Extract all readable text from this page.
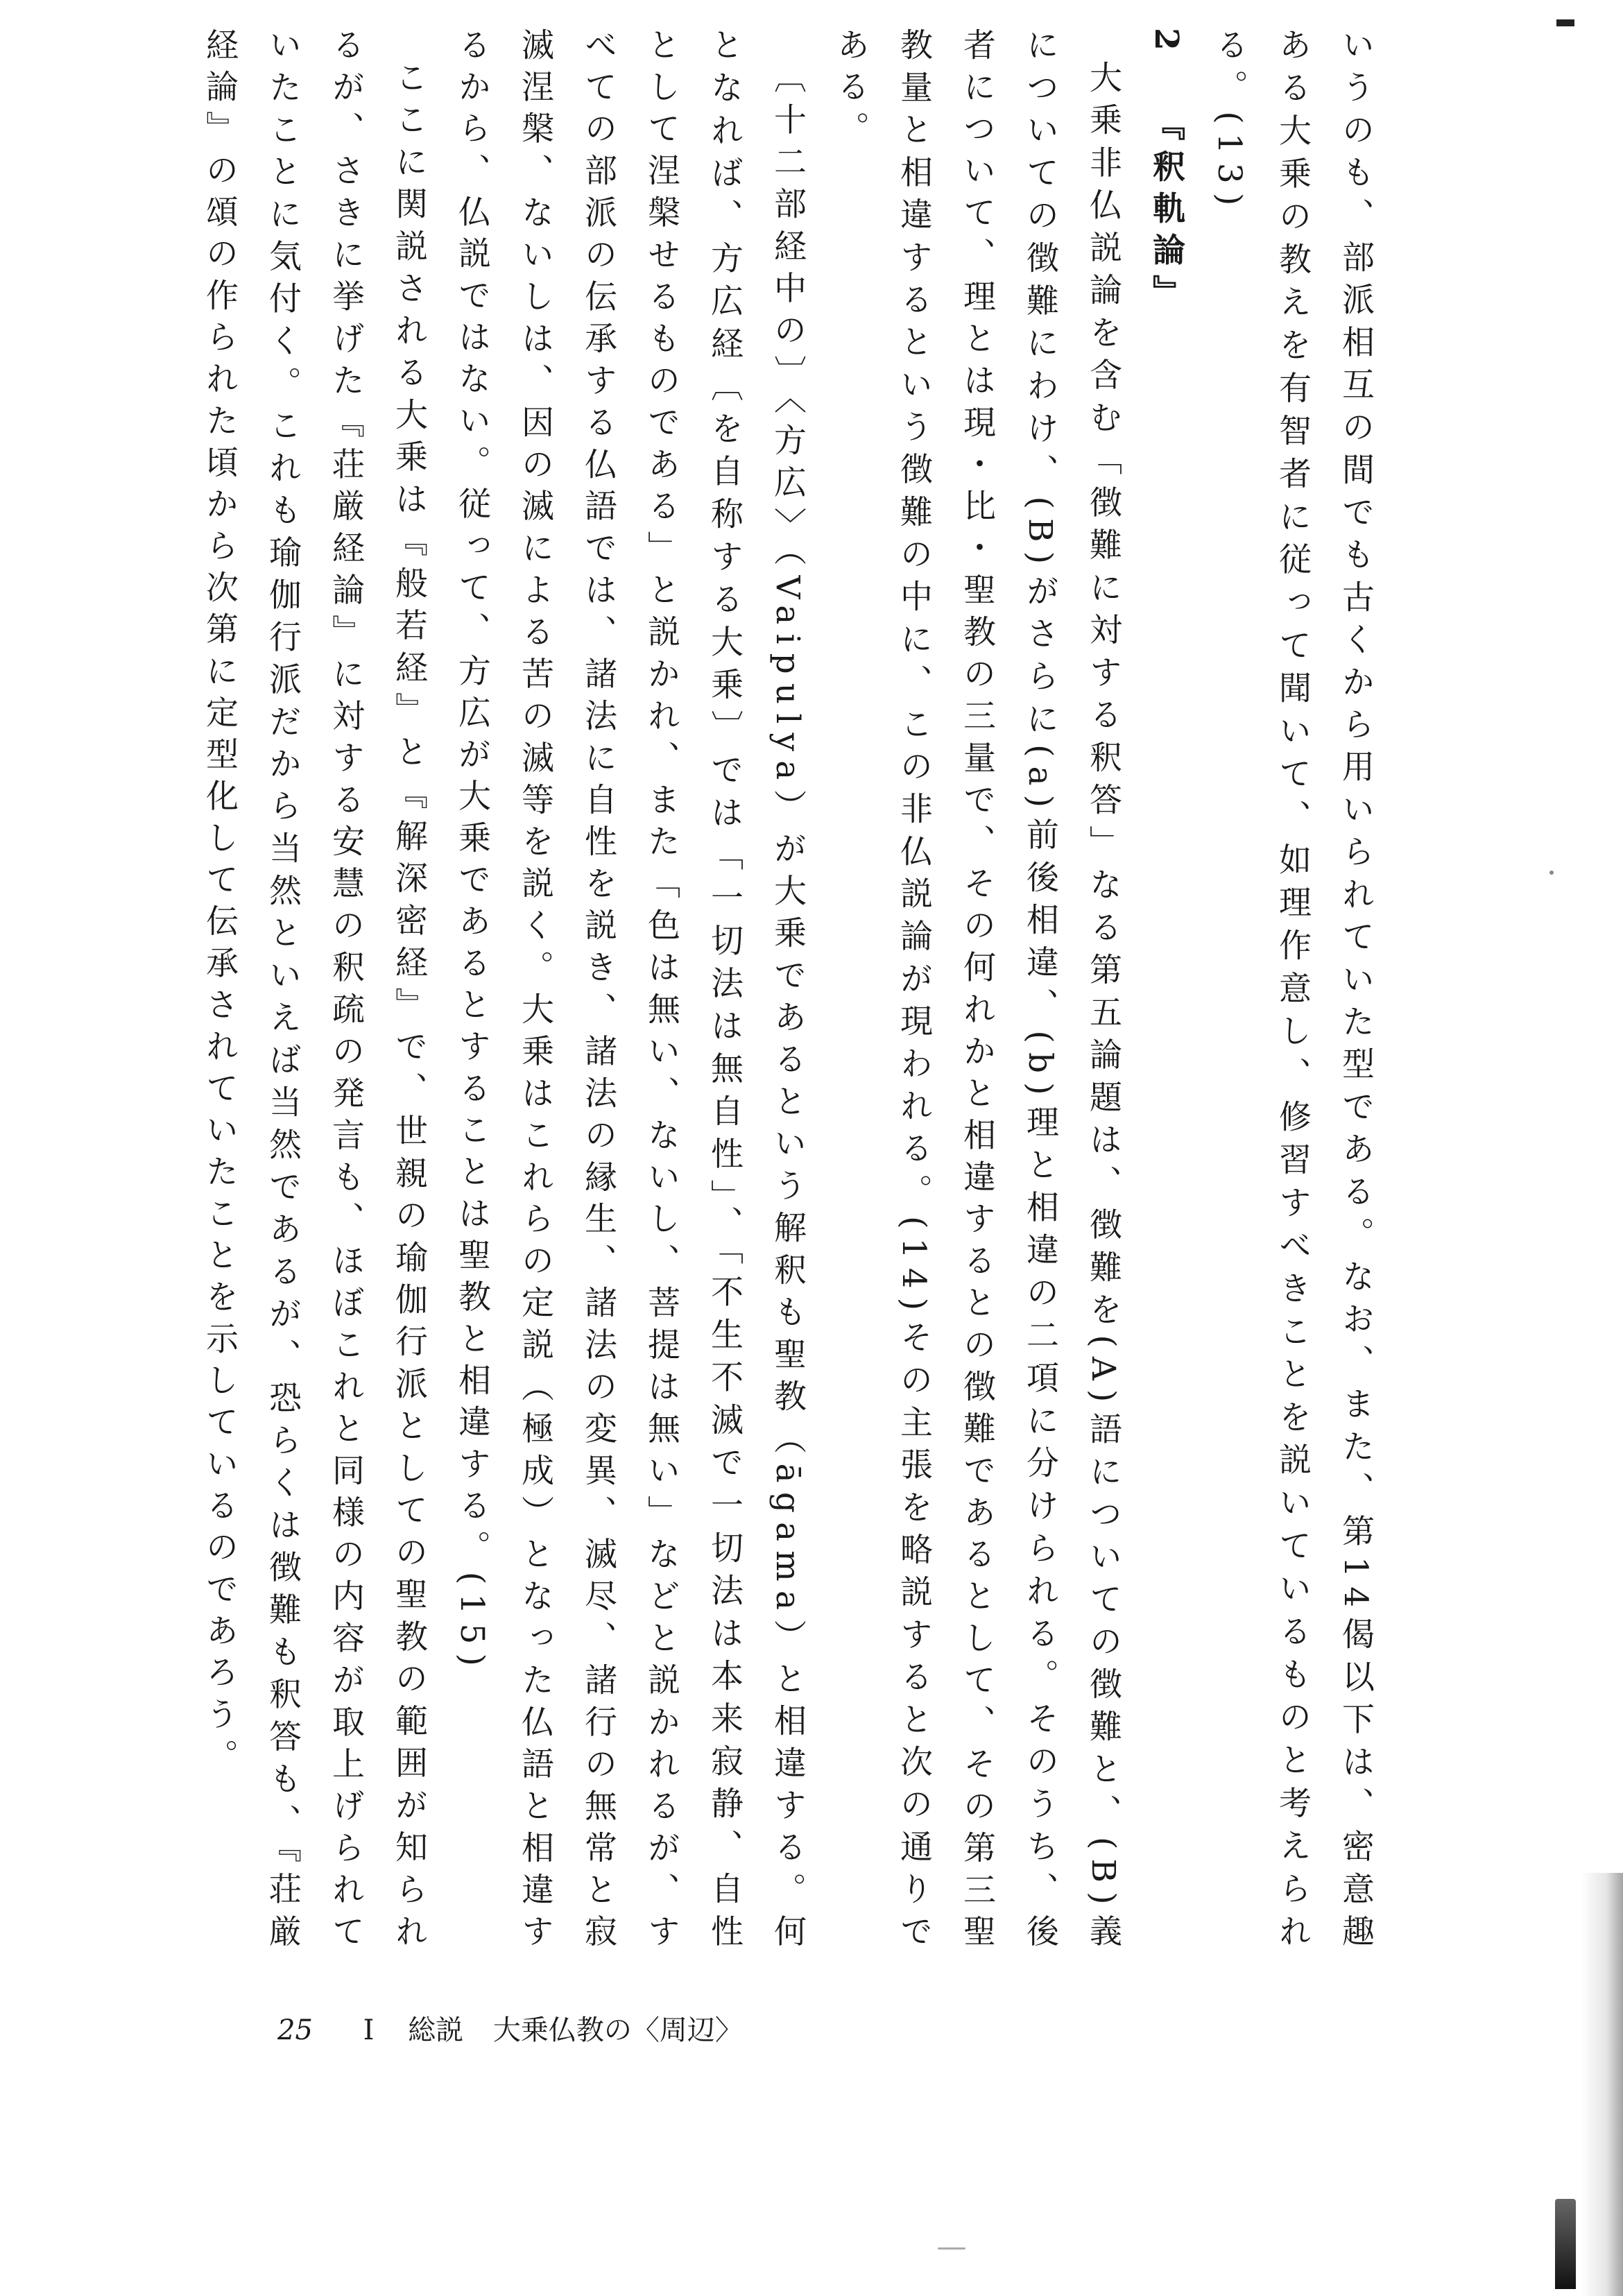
いうのも、部派相互の間でも古くから用いられていた型である。なお、また、第14偈以下は、密意趣ある大乗の教えを有智者に従って聞いて、如理作意し、修習すべきことを説いているものと考えられる。(13)

2 『釈軌論』

大乗非仏説論を含む「徴難に対する釈答」なる第五論題は、徴難を(A)語についての徴難と、(B)義についての徴難にわけ、(B)がさらに(a)前後相違、(b)理と相違の二項に分けられる。そのうち、後者について、理とは現・比・聖教の三量で、その何れかと相違するとの徴難であるとして、その第三聖教量と相違するという徴難の中に、この非仏説論が現われる。(14)その主張を略説すると次の通りである。

〔十二部経中の〕〈方広〉（Vaipulya）が大乗であるという解釈も聖教（āgama）と相違する。何となれば、方広経〔を自称する大乗〕では「一切法は無自性」、「不生不滅で一切法は本来寂静、自性として涅槃せるものである」と説かれ、また「色は無い、ないし、菩提は無い」などと説かれるが、すべての部派の伝承する仏語では、諸法に自性を説き、諸法の縁生、諸法の変異、滅尽、諸行の無常と寂滅涅槃、ないしは、因の滅による苦の滅等を説く。大乗はこれらの定説（極成）となった仏語と相違するから、仏説ではない。従って、方広が大乗であるとすることは聖教と相違する。(15)

ここに関説される大乗は『般若経』と『解深密経』で、世親の瑜伽行派としての聖教の範囲が知られるが、さきに挙げた『荘厳経論』に対する安慧の釈疏の発言も、ほぼこれと同様の内容が取上げられていたことに気付く。これも瑜伽行派だから当然といえば当然であるが、恐らくは徴難も釈答も、『荘厳経論』の頌の作られた頃から次第に定型化して伝承されていたことを示しているのであろう。

25 I 総説 大乗仏教の〈周辺〉
